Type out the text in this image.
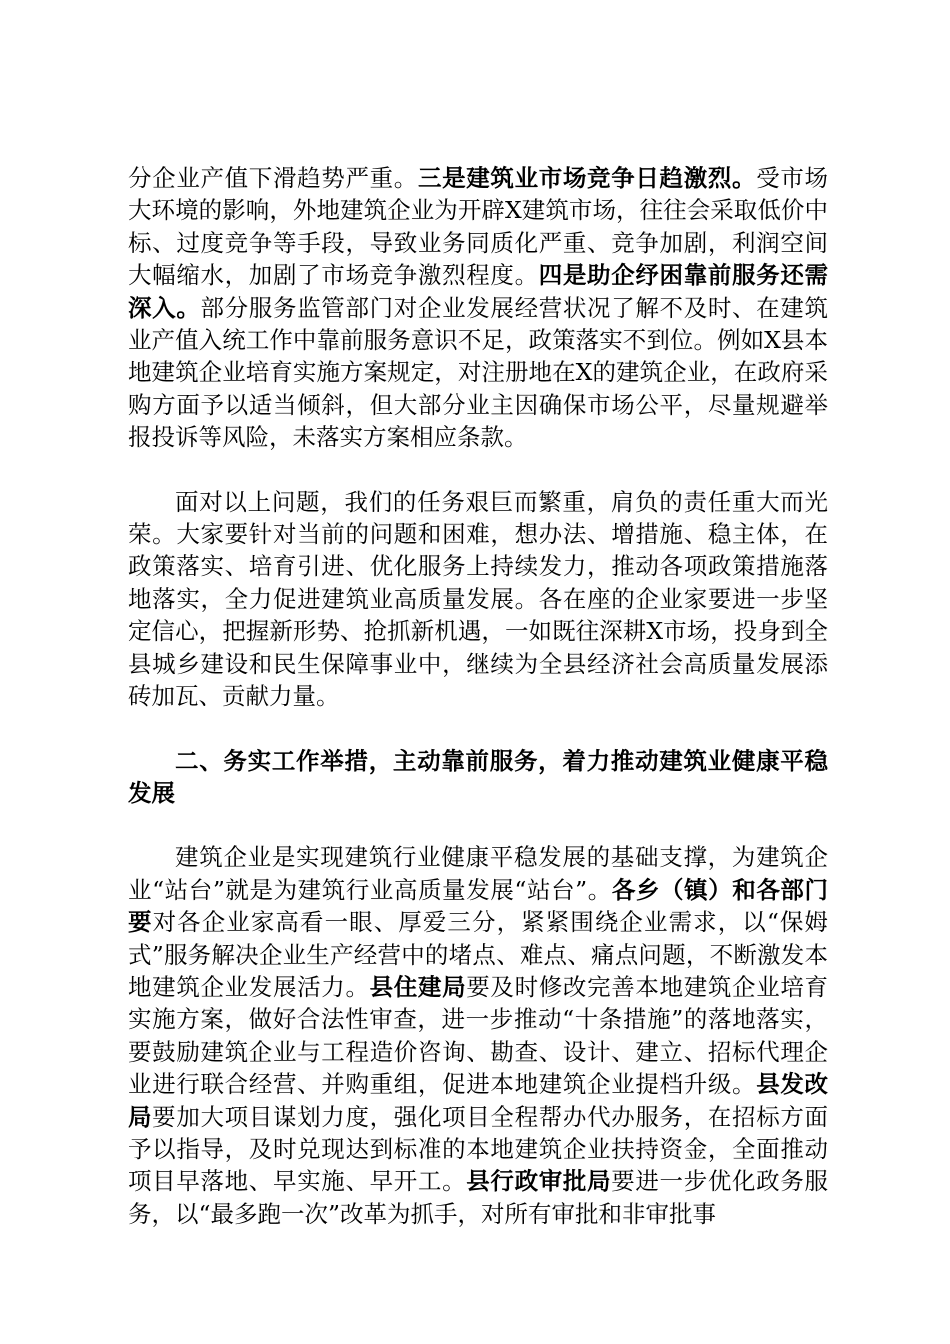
分企业产值下滑趋势严重。三是建筑业市场竞争日趋激烈。受市场大环境的影响，外地建筑企业为开辟X建筑市场，往往会采取低价中标、过度竞争等手段，导致业务同质化严重、竞争加剧，利润空间大幅缩水，加剧了市场竞争激烈程度。四是助企纾困靠前服务还需深入。部分服务监管部门对企业发展经营状况了解不及时、在建筑业产值入统工作中靠前服务意识不足，政策落实不到位。例如X县本地建筑企业培育实施方案规定，对注册地在X的建筑企业，在政府采购方面予以适当倾斜，但大部分业主因确保市场公平，尽量规避举报投诉等风险，未落实方案相应条款。

面对以上问题，我们的任务艰巨而繁重，肩负的责任重大而光荣。大家要针对当前的问题和困难，想办法、增措施、稳主体，在政策落实、培育引进、优化服务上持续发力，推动各项政策措施落地落实，全力促进建筑业高质量发展。各在座的企业家要进一步坚定信心，把握新形势、抢抓新机遇，一如既往深耕X市场，投身到全县城乡建设和民生保障事业中，继续为全县经济社会高质量发展添砖加瓦、贡献力量。

二、务实工作举措，主动靠前服务，着力推动建筑业健康平稳发展

建筑企业是实现建筑行业健康平稳发展的基础支撑，为建筑企业“站台”就是为建筑行业高质量发展“站台”。各乡（镇）和各部门要对各企业家高看一眼、厚爱三分，紧紧围绕企业需求，以“保姆式”服务解决企业生产经营中的堵点、难点、痛点问题，不断激发本地建筑企业发展活力。县住建局要及时修改完善本地建筑企业培育实施方案，做好合法性审查，进一步推动“十条措施”的落地落实，要鼓励建筑企业与工程造价咨询、勘查、设计、建立、招标代理企业进行联合经营、并购重组，促进本地建筑企业提档升级。县发改局要加大项目谋划力度，强化项目全程帮办代办服务，在招标方面予以指导，及时兑现达到标准的本地建筑企业扶持资金，全面推动项目早落地、早实施、早开工。县行政审批局要进一步优化政务服务，以“最多跑一次”改革为抓手，对所有审批和非审批事
